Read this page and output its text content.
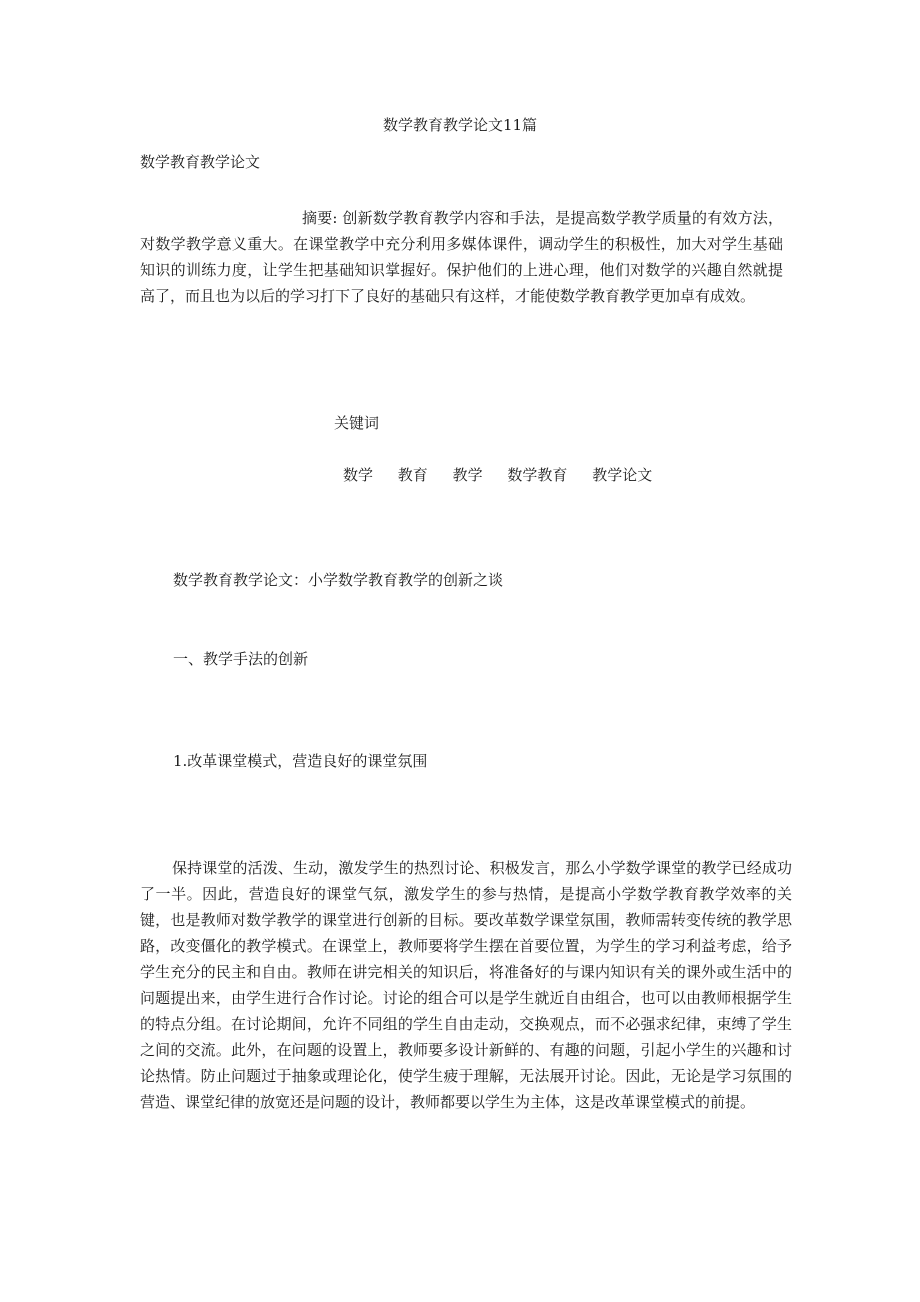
数学教育教学论文11篇
数学教育教学论文

摘要: 创新数学教育教学内容和手法，是提高数学教学质量的有效方法，对数学教学意义重大。在课堂教学中充分利用多媒体课件，调动学生的积极性，加大对学生基础知识的训练力度，让学生把基础知识掌握好。保护他们的上进心理，他们对数学的兴趣自然就提高了，而且也为以后的学习打下了良好的基础只有这样，才能使数学教育教学更加卓有成效。

关键词
数学 教育 教学 数学教育 教学论文
数学教育教学论文：小学数学教育教学的创新之谈
一、教学手法的创新
1.改革课堂模式，营造良好的课堂氛围

保持课堂的活泼、生动，激发学生的热烈讨论、积极发言，那么小学数学课堂的教学已经成功了一半。因此，营造良好的课堂气氛，激发学生的参与热情，是提高小学数学教育教学效率的关键，也是教师对数学教学的课堂进行创新的目标。要改革数学课堂氛围，教师需转变传统的教学思路，改变僵化的教学模式。在课堂上，教师要将学生摆在首要位置，为学生的学习利益考虑，给予学生充分的民主和自由。教师在讲完相关的知识后，将准备好的与课内知识有关的课外或生活中的问题提出来，由学生进行合作讨论。讨论的组合可以是学生就近自由组合，也可以由教师根据学生的特点分组。在讨论期间，允许不同组的学生自由走动，交换观点，而不必强求纪律，束缚了学生之间的交流。此外，在问题的设置上，教师要多设计新鲜的、有趣的问题，引起小学生的兴趣和讨论热情。防止问题过于抽象或理论化，使学生疲于理解，无法展开讨论。因此，无论是学习氛围的营造、课堂纪律的放宽还是问题的设计，教师都要以学生为主体，这是改革课堂模式的前提。
